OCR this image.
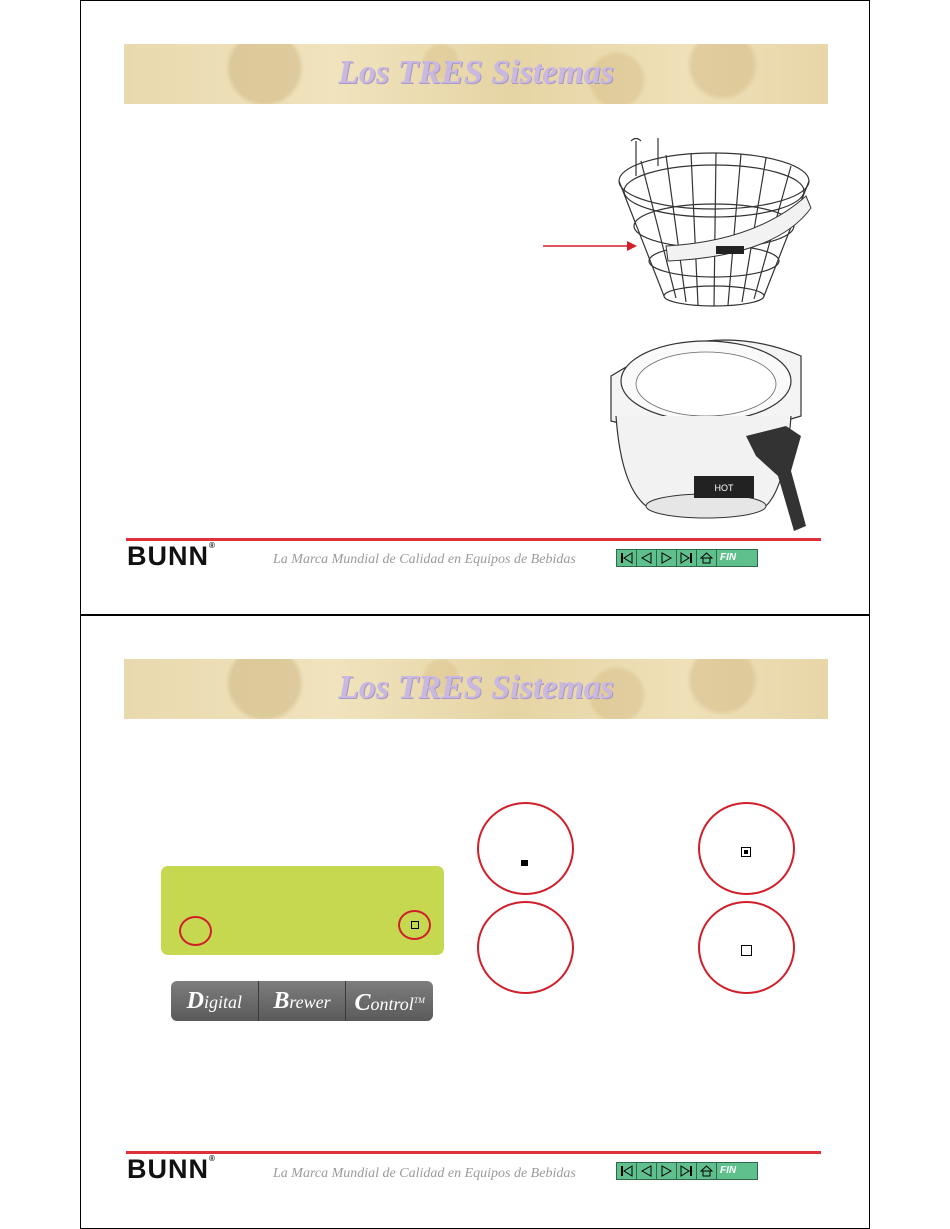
Los TRES Sistemas
HOT
BUNN®
La Marca Mundial de Calidad en Equipos de Bebidas	FIN
Los TRES Sistemas
Digital	Brewer Control™
BUNN®
La Marca Mundial de Calidad en Equipos de Bebidas	FIN
